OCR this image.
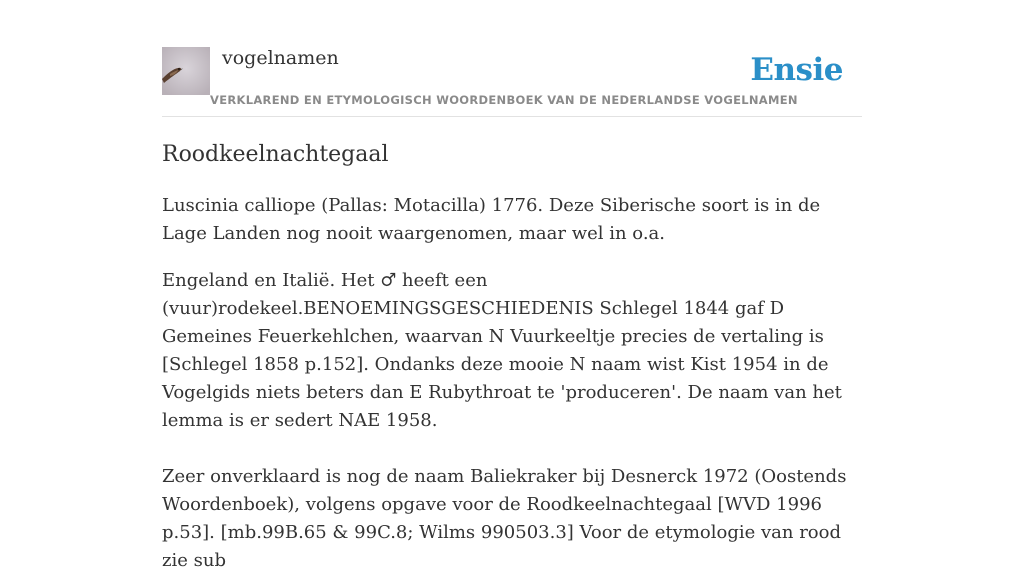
vogelnamen	Ensie
VERKLAREND EN ETYMOLOGISCH WOORDENBOEK VAN DE NEDERLANDSE VOGELNAMEN
Roodkeelnachtegaal

Luscinia calliope (Pallas: Motacilla) 1776. Deze Siberische soort is in de Lage Landen nog nooit waargenomen, maar wel in o.a.

Engeland en Italië. Het ♂ heeft een (vuur)rodekeel.BENOEMINGSGESCHIEDENIS Schlegel 1844 gaf D Gemeines Feuerkehlchen, waarvan N Vuurkeeltje precies de vertaling is [Schlegel 1858 p.152]. Ondanks deze mooie N naam wist Kist 1954 in de Vogelgids niets beters dan E Rubythroat te 'produceren'. De naam van het lemma is er sedert NAE 1958.

Zeer onverklaard is nog de naam Baliekraker bij Desnerck 1972 (Oostends Woordenboek), volgens opgave voor de Roodkeelnachtegaal [WVD 1996 p.53]. [mb.99B.65 & 99C.8; Wilms 990503.3] Voor de etymologie van rood zie sub
